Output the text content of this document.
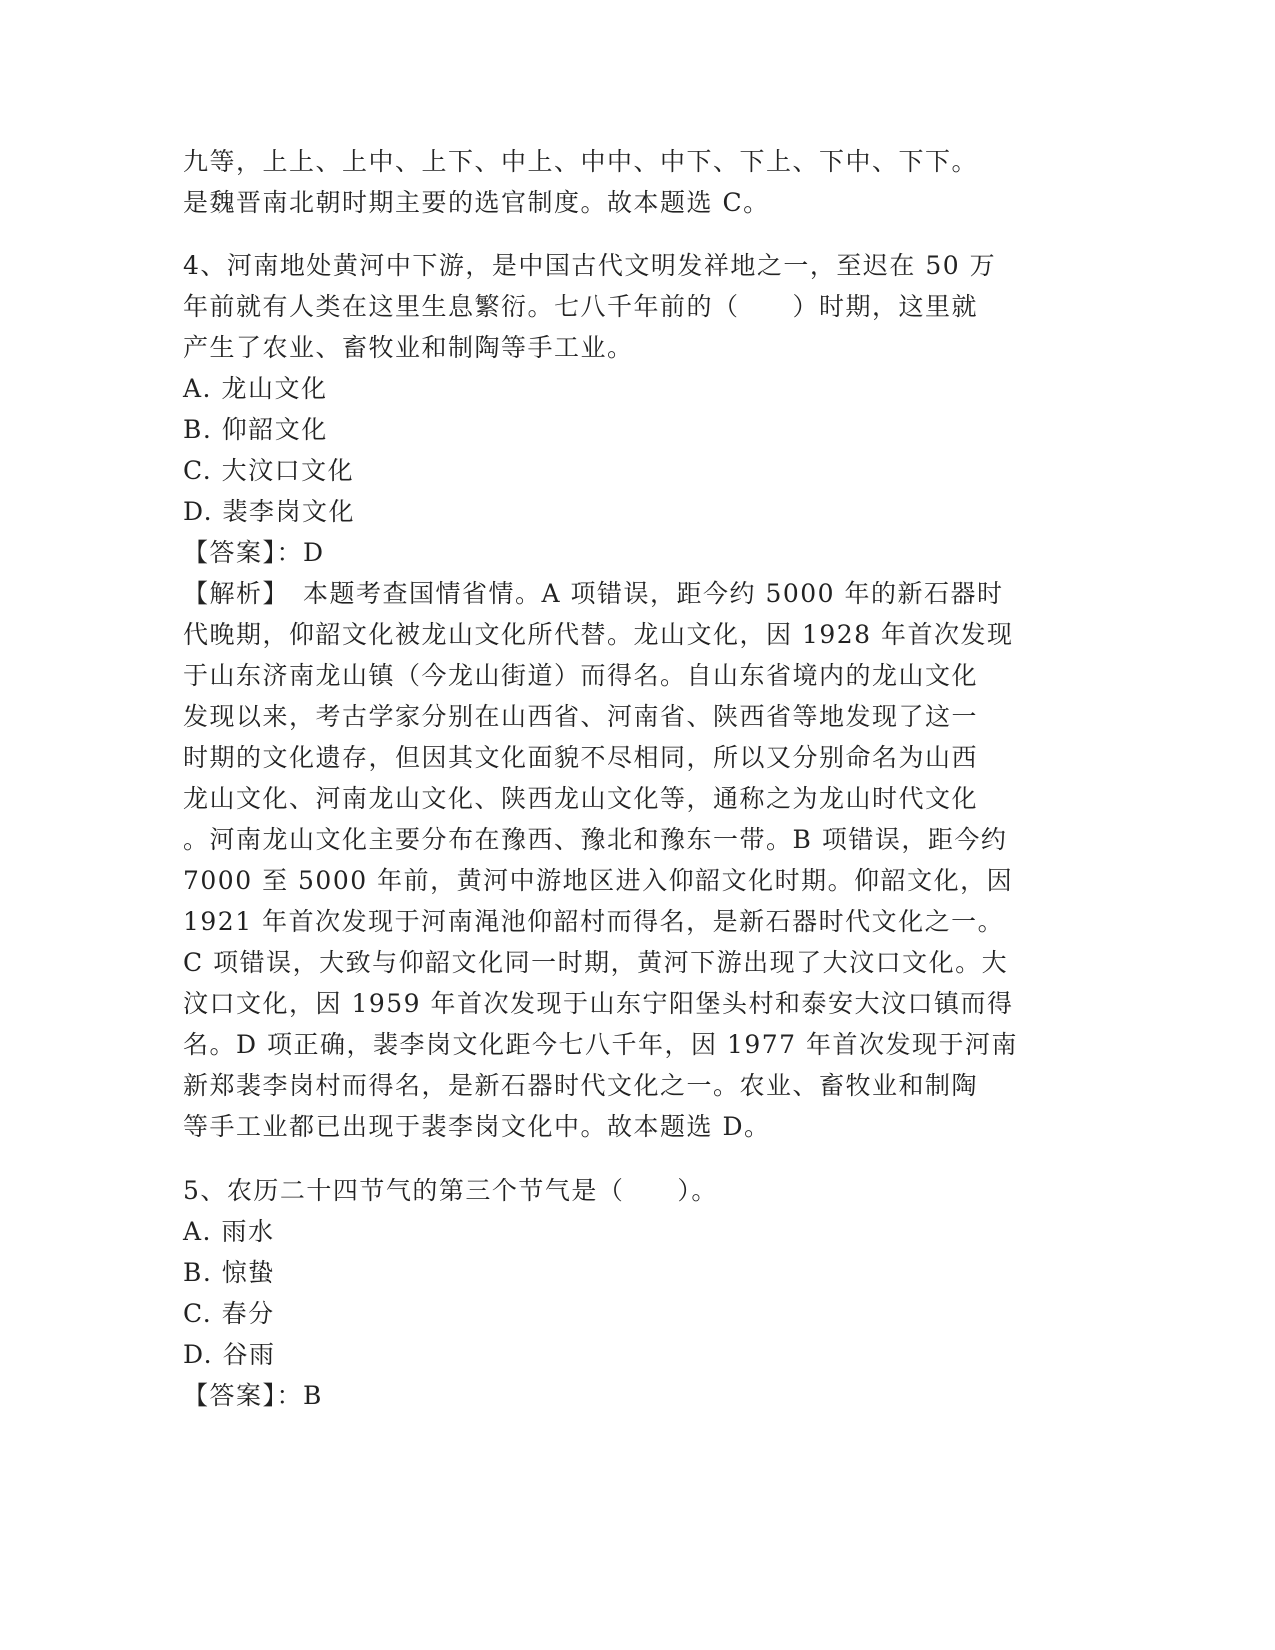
九等，上上、上中、上下、中上、中中、中下、下上、下中、下下。
是魏晋南北朝时期主要的选官制度。故本题选 C。
4、河南地处黄河中下游，是中国古代文明发祥地之一，至迟在 50 万
年前就有人类在这里生息繁衍。七八千年前的（　　）时期，这里就
产生了农业、畜牧业和制陶等手工业。
A. 龙山文化
B. 仰韶文化
C. 大汶口文化
D. 裴李岗文化
【答案】：D
【解析】　本题考查国情省情。A 项错误，距今约 5000 年的新石器时
代晚期，仰韶文化被龙山文化所代替。龙山文化，因 1928 年首次发现
于山东济南龙山镇（今龙山街道）而得名。自山东省境内的龙山文化
发现以来，考古学家分别在山西省、河南省、陕西省等地发现了这一
时期的文化遗存，但因其文化面貌不尽相同，所以又分别命名为山西
龙山文化、河南龙山文化、陕西龙山文化等，通称之为龙山时代文化
。河南龙山文化主要分布在豫西、豫北和豫东一带。B 项错误，距今约
7000 至 5000 年前，黄河中游地区进入仰韶文化时期。仰韶文化，因
1921 年首次发现于河南渑池仰韶村而得名，是新石器时代文化之一。
C 项错误，大致与仰韶文化同一时期，黄河下游出现了大汶口文化。大
汶口文化，因 1959 年首次发现于山东宁阳堡头村和泰安大汶口镇而得
名。D 项正确，裴李岗文化距今七八千年，因 1977 年首次发现于河南
新郑裴李岗村而得名，是新石器时代文化之一。农业、畜牧业和制陶
等手工业都已出现于裴李岗文化中。故本题选 D。
5、农历二十四节气的第三个节气是（　　）。
A. 雨水
B. 惊蛰
C. 春分
D. 谷雨
【答案】：B
